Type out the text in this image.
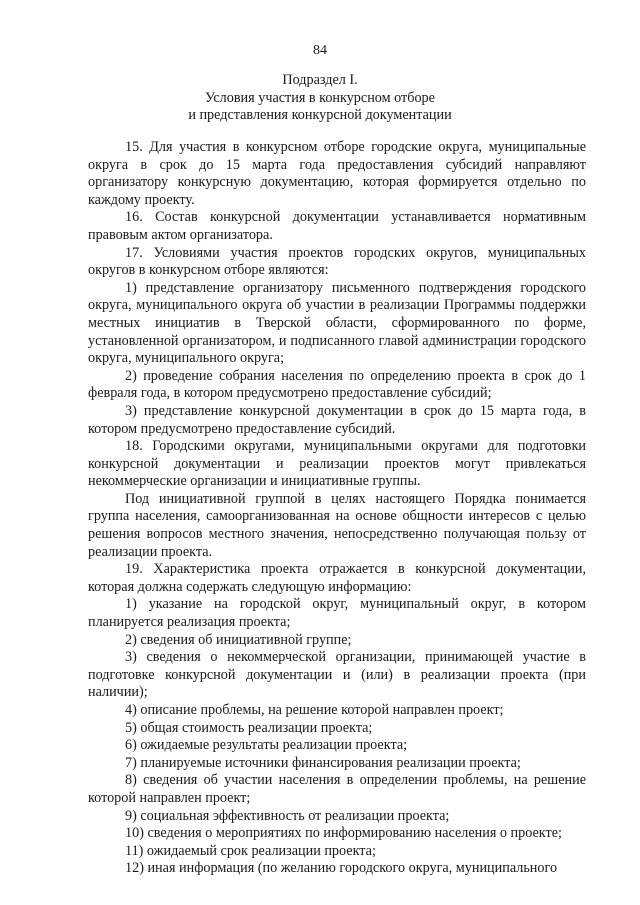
84
Подраздел I.
Условия участия в конкурсном отборе
и представления конкурсной документации

15. Для участия в конкурсном отборе городские округа, муниципальные округа в срок до 15 марта года предоставления субсидий направляют организатору конкурсную документацию, которая формируется отдельно по каждому проекту.

16. Состав конкурсной документации устанавливается нормативным правовым актом организатора.

17. Условиями участия проектов городских округов, муниципальных округов в конкурсном отборе являются:

1) представление организатору письменного подтверждения городского округа, муниципального округа об участии в реализации Программы поддержки местных инициатив в Тверской области, сформированного по форме, установленной организатором, и подписанного главой администрации городского округа, муниципального округа;

2) проведение собрания населения по определению проекта в срок до 1 февраля года, в котором предусмотрено предоставление субсидий;

3) представление конкурсной документации в срок до 15 марта года, в котором предусмотрено предоставление субсидий.

18. Городскими округами, муниципальными округами для подготовки конкурсной документации и реализации проектов могут привлекаться некоммерческие организации и инициативные группы.

Под инициативной группой в целях настоящего Порядка понимается группа населения, самоорганизованная на основе общности интересов с целью решения вопросов местного значения, непосредственно получающая пользу от реализации проекта.

19. Характеристика проекта отражается в конкурсной документации, которая должна содержать следующую информацию:

1) указание на городской округ, муниципальный округ, в котором планируется реализация проекта;

2) сведения об инициативной группе;

3) сведения о некоммерческой организации, принимающей участие в подготовке конкурсной документации и (или) в реализации проекта (при наличии);

4) описание проблемы, на решение которой направлен проект;

5) общая стоимость реализации проекта;

6) ожидаемые результаты реализации проекта;

7) планируемые источники финансирования реализации проекта;

8) сведения об участии населения в определении проблемы, на решение которой направлен проект;

9) социальная эффективность от реализации проекта;

10) сведения о мероприятиях по информированию населения о проекте;

11) ожидаемый срок реализации проекта;

12) иная информация (по желанию городского округа, муниципального
